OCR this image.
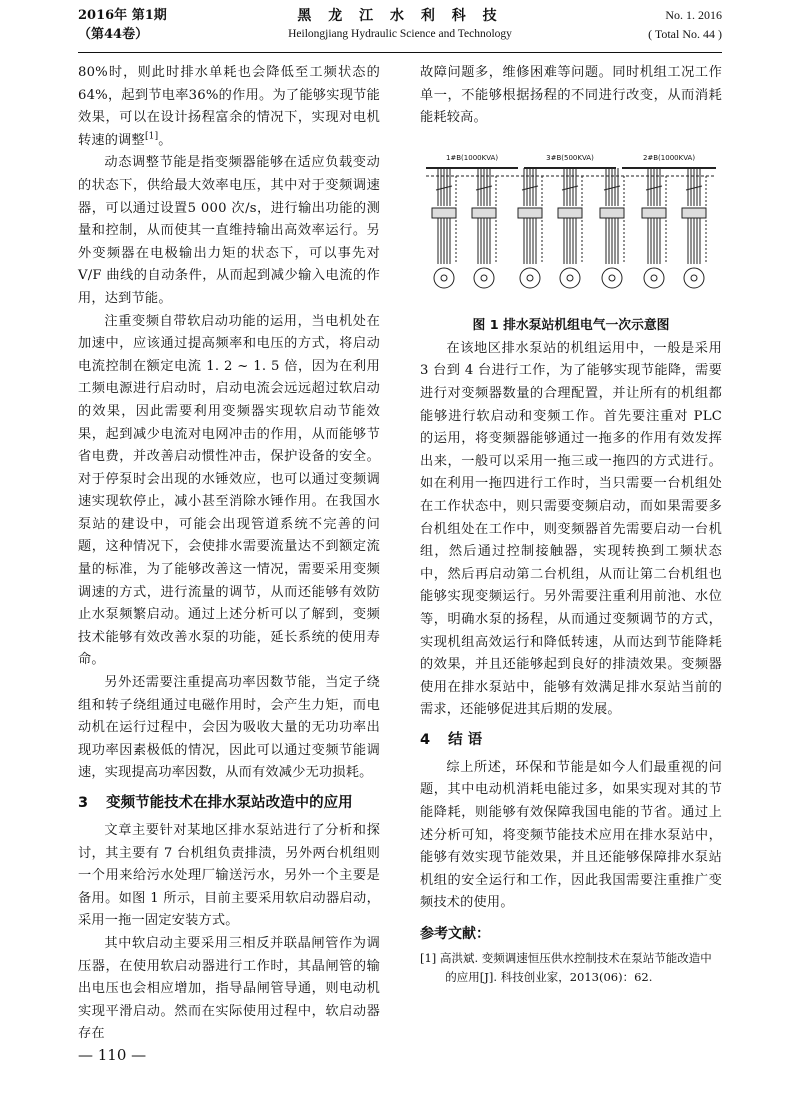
2016年 第1期
（第44卷）
黑 龙 江 水 利 科 技
Heilongjiang Hydraulic Science and Technology
No. 1. 2016
( Total No. 44 )

80%时，则此时排水单耗也会降低至工频状态的64%，起到节电率36%的作用。为了能够实现节能效果，可以在设计扬程富余的情况下，实现对电机转速的调整[1]。

动态调整节能是指变频器能够在适应负载变动的状态下，供给最大效率电压，其中对于变频调速器，可以通过设置5 000 次/s，进行输出功能的测量和控制，从而使其一直维持输出高效率运行。另外变频器在电极输出力矩的状态下，可以事先对 V/F 曲线的自动条件，从而起到减少输入电流的作用，达到节能。

注重变频自带软启动功能的运用，当电机处在加速中，应该通过提高频率和电压的方式，将启动电流控制在额定电流 1. 2 ~ 1. 5 倍，因为在利用工频电源进行启动时，启动电流会远远超过软启动的效果，因此需要利用变频器实现软启动节能效果，起到减少电流对电网冲击的作用，从而能够节省电费，并改善启动惯性冲击，保护设备的安全。对于停泵时会出现的水锤效应，也可以通过变频调速实现软停止，减小甚至消除水锤作用。在我国水泵站的建设中，可能会出现管道系统不完善的问题，这种情况下，会使排水需要流量达不到额定流量的标准，为了能够改善这一情况，需要采用变频调速的方式，进行流量的调节，从而还能够有效防止水泵频繁启动。通过上述分析可以了解到，变频技术能够有效改善水泵的功能，延长系统的使用寿命。

另外还需要注重提高功率因数节能，当定子绕组和转子绕组通过电磁作用时，会产生力矩，而电动机在运行过程中，会因为吸收大量的无功功率出现功率因素极低的情况，因此可以通过变频节能调速，实现提高功率因数，从而有效减少无功损耗。

3 变频节能技术在排水泵站改造中的应用

文章主要针对某地区排水泵站进行了分析和探讨，其主要有 7 台机组负责排渍，另外两台机组则一个用来给污水处理厂输送污水，另外一个主要是备用。如图 1 所示，目前主要采用软启动器启动，采用一拖一固定安装方式。

其中软启动主要采用三相反并联晶闸管作为调压器，在使用软启动器进行工作时，其晶闸管的输出电压也会相应增加，指导晶闸管导通，则电动机实现平滑启动。然而在实际使用过程中，软启动器存在

故障问题多，维修困难等问题。同时机组工况工作单一，不能够根据扬程的不同进行改变，从而消耗能耗较高。

1#B(1000KVA)	3#B(500KVA)	2#B(1000KVA)
图 1 排水泵站机组电气一次示意图

在该地区排水泵站的机组运用中，一般是采用 3 台到 4 台进行工作，为了能够实现节能降，需要进行对变频器数量的合理配置，并让所有的机组都能够进行软启动和变频工作。首先要注重对 PLC 的运用，将变频器能够通过一拖多的作用有效发挥出来，一般可以采用一拖三或一拖四的方式进行。如在利用一拖四进行工作时，当只需要一台机组处在工作状态中，则只需要变频启动，而如果需要多台机组处在工作中，则变频器首先需要启动一台机组，然后通过控制接触器，实现转换到工频状态中，然后再启动第二台机组，从而让第二台机组也能够实现变频运行。另外需要注重利用前池、水位等，明确水泵的扬程，从而通过变频调节的方式，实现机组高效运行和降低转速，从而达到节能降耗的效果，并且还能够起到良好的排渍效果。变频器使用在排水泵站中，能够有效满足排水泵站当前的需求，还能够促进其后期的发展。

4 结 语

综上所述，环保和节能是如今人们最重视的问题，其中电动机消耗电能过多，如果实现对其的节能降耗，则能够有效保障我国电能的节省。通过上述分析可知，将变频节能技术应用在排水泵站中，能够有效实现节能效果，并且还能够保障排水泵站机组的安全运行和工作，因此我国需要注重推广变频技术的使用。

参考文献：

[1] 高洪斌. 变频调速恒压供水控制技术在泵站节能改造中的应用[J]. 科技创业家，2013(06)：62.

— 110 —
